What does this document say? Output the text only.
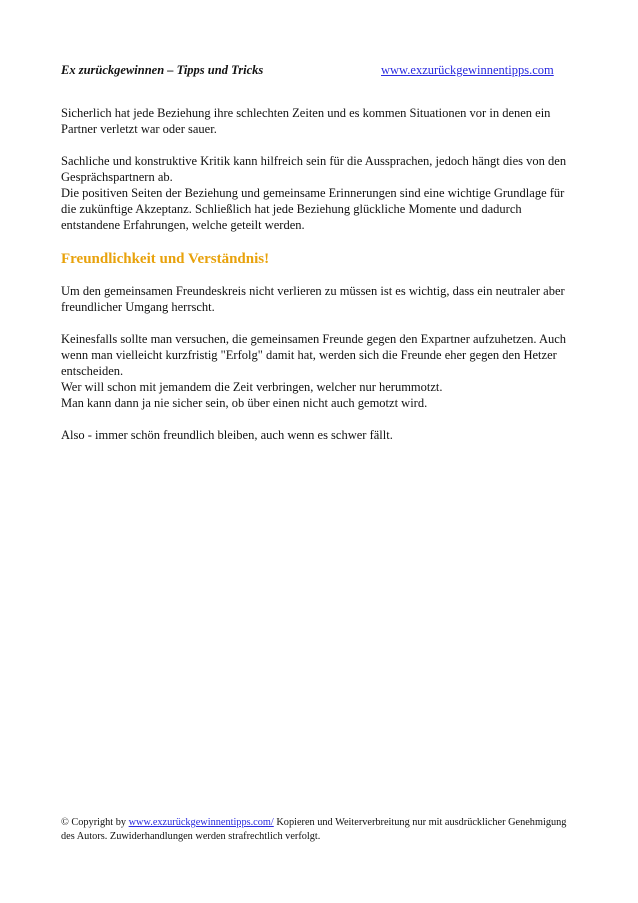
Ex zurückgewinnen – Tipps und Tricks	www.exzurückgewinnentipps.com

Sicherlich hat jede Beziehung ihre schlechten Zeiten und es kommen Situationen vor in denen ein Partner verletzt war oder sauer.

Sachliche und konstruktive Kritik kann hilfreich sein für die Aussprachen, jedoch hängt dies von den Gesprächspartnern ab.
Die positiven Seiten der Beziehung und gemeinsame Erinnerungen sind eine wichtige Grundlage für die zukünftige Akzeptanz. Schließlich hat jede Beziehung glückliche Momente und dadurch entstandene Erfahrungen, welche geteilt werden.

Freundlichkeit und Verständnis!

Um den gemeinsamen Freundeskreis nicht verlieren zu müssen ist es wichtig, dass ein neutraler aber freundlicher Umgang herrscht.

Keinesfalls sollte man versuchen, die gemeinsamen Freunde gegen den Expartner aufzuhetzen. Auch wenn man vielleicht kurzfristig "Erfolg" damit hat, werden sich die Freunde eher gegen den Hetzer entscheiden.
Wer will schon mit jemandem die Zeit verbringen, welcher nur herummotzt.
Man kann dann ja nie sicher sein, ob über einen nicht auch gemotzt wird.

Also - immer schön freundlich bleiben, auch wenn es schwer fällt.

© Copyright by www.exzurückgewinnentipps.com/ Kopieren und Weiterverbreitung nur mit ausdrücklicher Genehmigung des Autors. Zuwiderhandlungen werden strafrechtlich verfolgt.
